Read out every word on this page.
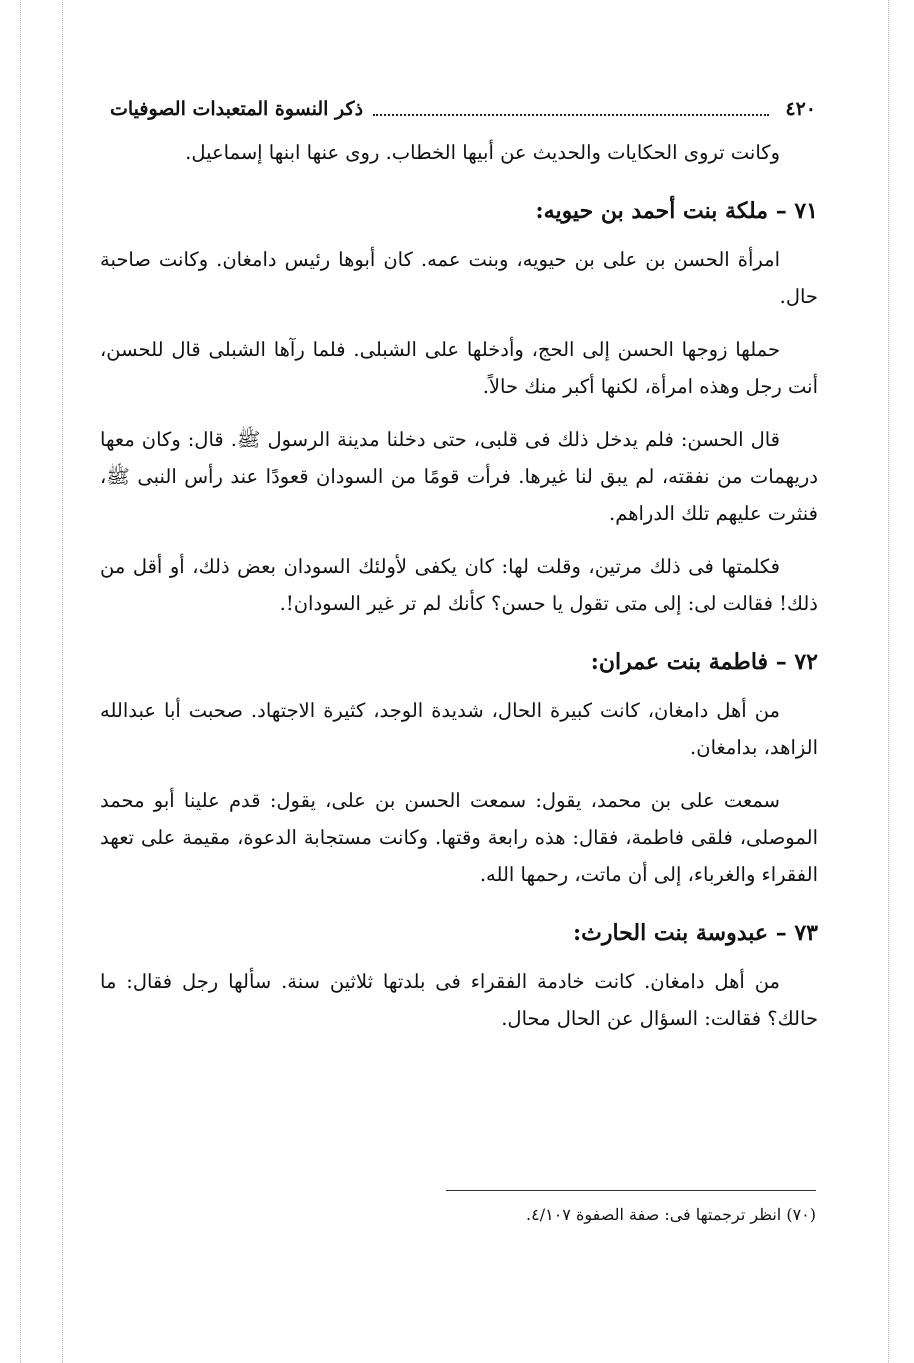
٤٢٠
ذكر النسوة المتعبدات الصوفيات

وكانت تروى الحكايات والحديث عن أبيها الخطاب. روى عنها ابنها إسماعيل.

٧١ – ملكة بنت أحمد بن حيويه:

امرأة الحسن بن على بن حيويه، وبنت عمه. كان أبوها رئيس دامغان. وكانت صاحبة حال.

حملها زوجها الحسن إلى الحج، وأدخلها على الشبلى. فلما رآها الشبلى قال للحسن، أنت رجل وهذه امرأة، لكنها أكبر منك حالاً.

قال الحسن: فلم يدخل ذلك فى قلبى، حتى دخلنا مدينة الرسول ﷺ. قال: وكان معها دريهمات من نفقته، لم يبق لنا غيرها. فرأت قومًا من السودان قعودًا عند رأس النبى ﷺ، فنثرت عليهم تلك الدراهم.

فكلمتها فى ذلك مرتين، وقلت لها: كان يكفى لأولئك السودان بعض ذلك، أو أقل من ذلك! فقالت لى: إلى متى تقول يا حسن؟ كأنك لم تر غير السودان!.

٧٢ – فاطمة بنت عمران:

من أهل دامغان، كانت كبيرة الحال، شديدة الوجد، كثيرة الاجتهاد. صحبت أبا عبدالله الزاهد، بدامغان.

سمعت على بن محمد، يقول: سمعت الحسن بن على، يقول: قدم علينا أبو محمد الموصلى، فلقى فاطمة، فقال: هذه رابعة وقتها. وكانت مستجابة الدعوة، مقيمة على تعهد الفقراء والغرباء، إلى أن ماتت، رحمها الله.

٧٣ – عبدوسة بنت الحارث:

من أهل دامغان. كانت خادمة الفقراء فى بلدتها ثلاثين سنة. سألها رجل فقال: ما حالك؟ فقالت: السؤال عن الحال محال.

(٧٠) انظر ترجمتها فى: صفة الصفوة ٤/١٠٧.
